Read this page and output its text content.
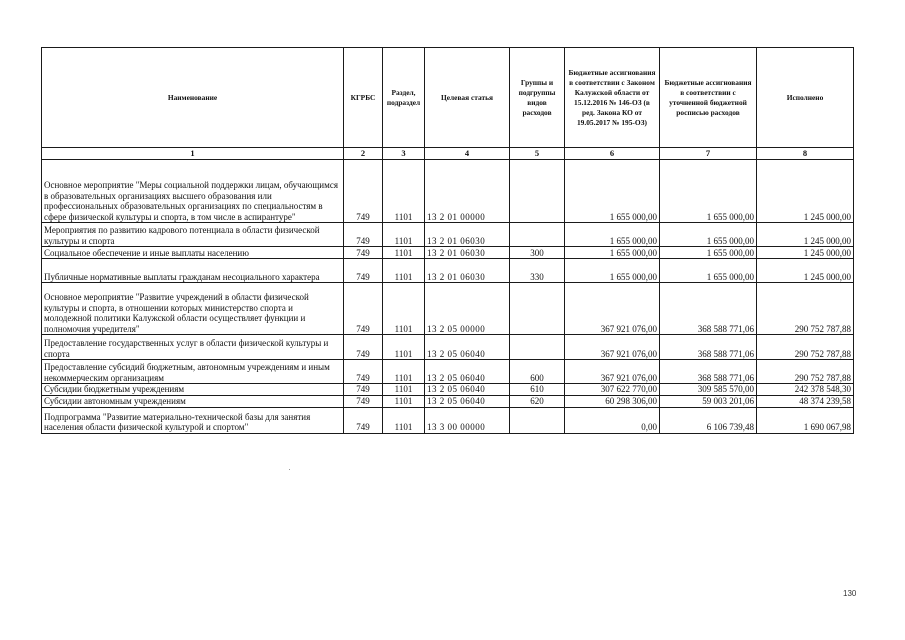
Наименование	КГРБС	Раздел, подраздел	Целевая статья	Группы и подгруппы видов расходов	Бюджетные ассигнования в соответствии с Законом Калужской области от 15.12.2016 № 146-ОЗ (в ред. Закона КО от 19.05.2017 № 195-ОЗ)	Бюджетные ассигнования в соответствии с уточненной бюджетной росписью расходов	Исполнено
1	2	3	4	5	6	7	8
Основное мероприятие "Меры социальной поддержки лицам, обучающимся в образовательных организациях высшего образования или профессиональных образовательных организациях по специальностям в сфере физической культуры и спорта, в том числе в аспирантуре"	749	1101	13 2 01 00000		1 655 000,00	1 655 000,00	1 245 000,00
Мероприятия по развитию кадрового потенциала в области физической культуры и спорта	749	1101	13 2 01 06030		1 655 000,00	1 655 000,00	1 245 000,00
Социальное обеспечение и иные выплаты населению	749	1101	13 2 01 06030	300	1 655 000,00	1 655 000,00	1 245 000,00
Публичные нормативные выплаты гражданам несоциального характера	749	1101	13 2 01 06030	330	1 655 000,00	1 655 000,00	1 245 000,00
Основное мероприятие "Развитие учреждений в области физической культуры и спорта, в отношении которых министерство спорта и молодежной политики Калужской области осуществляет функции и полномочия учредителя"	749	1101	13 2 05 00000		367 921 076,00	368 588 771,06	290 752 787,88
Предоставление государственных услуг в области физической культуры и спорта	749	1101	13 2 05 06040		367 921 076,00	368 588 771,06	290 752 787,88
Предоставление субсидий бюджетным, автономным учреждениям и иным некоммерческим организациям	749	1101	13 2 05 06040	600	367 921 076,00	368 588 771,06	290 752 787,88
Субсидии бюджетным учреждениям	749	1101	13 2 05 06040	610	307 622 770,00	309 585 570,00	242 378 548,30
Субсидии автономным учреждениям	749	1101	13 2 05 06040	620	60 298 306,00	59 003 201,06	48 374 239,58
Подпрограмма "Развитие материально-технической базы для занятия населения области физической культурой и спортом"	749	1101	13 3 00 00000		0,00	6 106 739,48	1 690 067,98
130
